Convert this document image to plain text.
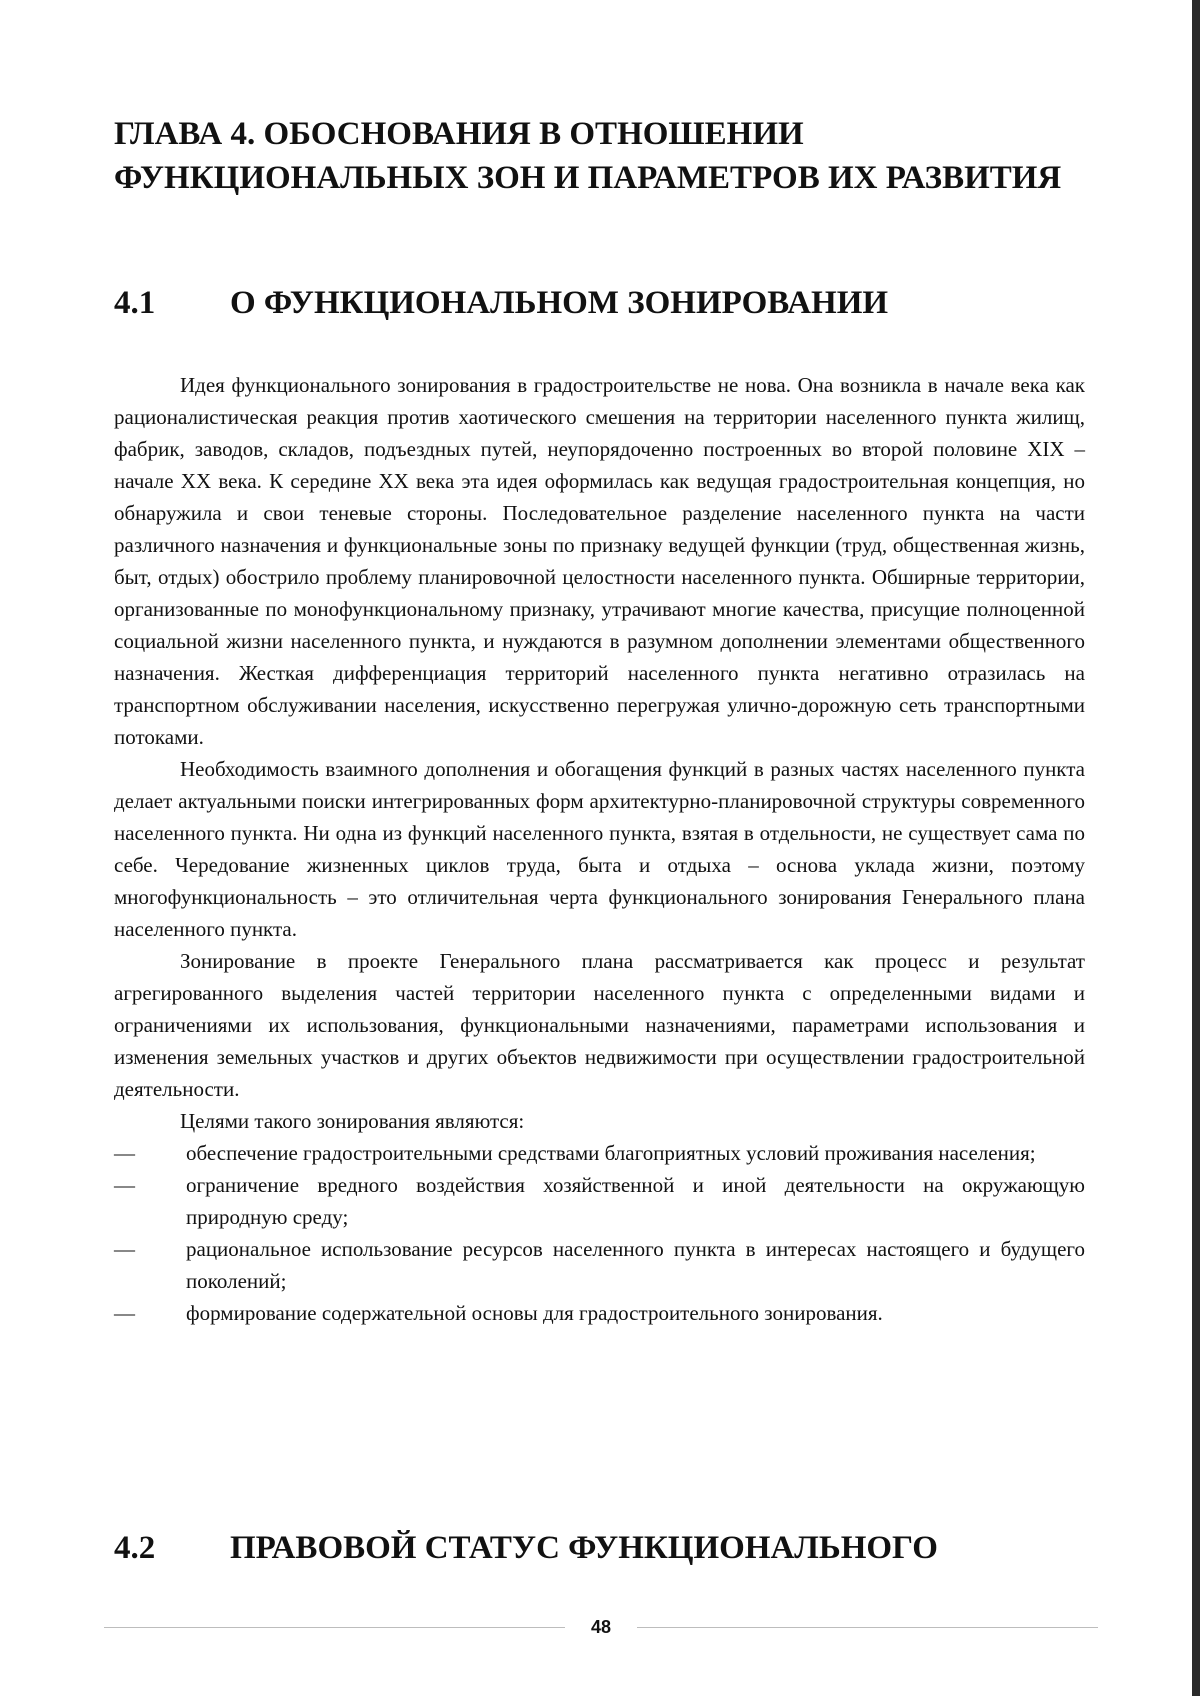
ГЛАВА 4. ОБОСНОВАНИЯ В ОТНОШЕНИИ ФУНКЦИОНАЛЬНЫХ ЗОН И ПАРАМЕТРОВ ИХ РАЗВИТИЯ
4.1	О ФУНКЦИОНАЛЬНОМ ЗОНИРОВАНИИ

Идея функционального зонирования в градостроительстве не нова. Она возникла в начале века как рационалистическая реакция против хаотического смешения на территории населенного пункта жилищ, фабрик, заводов, складов, подъездных путей, неупорядоченно построенных во второй половине XIX – начале XX века. К середине XX века эта идея оформилась как ведущая градостроительная концепция, но обнаружила и свои теневые стороны. Последовательное разделение населенного пункта на части различного назначения и функциональные зоны по признаку ведущей функции (труд, общественная жизнь, быт, отдых) обострило проблему планировочной целостности населенного пункта. Обширные территории, организованные по монофункциональному признаку, утрачивают многие качества, присущие полноценной социальной жизни населенного пункта, и нуждаются в разумном дополнении элементами общественного назначения. Жесткая дифференциация территорий населенного пункта негативно отразилась на транспортном обслуживании населения, искусственно перегружая улично-дорожную сеть транспортными потоками.

Необходимость взаимного дополнения и обогащения функций в разных частях населенного пункта делает актуальными поиски интегрированных форм архитектурно-планировочной структуры современного населенного пункта. Ни одна из функций населенного пункта, взятая в отдельности, не существует сама по себе. Чередование жизненных циклов труда, быта и отдыха – основа уклада жизни, поэтому многофункциональность – это отличительная черта функционального зонирования Генерального плана населенного пункта.

Зонирование в проекте Генерального плана рассматривается как процесс и результат агрегированного выделения частей территории населенного пункта с определенными видами и ограничениями их использования, функциональными назначениями, параметрами использования и изменения земельных участков и других объектов недвижимости при осуществлении градостроительной деятельности.

Целями такого зонирования являются:

— обеспечение градостроительными средствами благоприятных условий проживания населения;
— ограничение вредного воздействия хозяйственной и иной деятельности на окружающую природную среду;
— рациональное использование ресурсов населенного пункта в интересах настоящего и будущего поколений;
— формирование содержательной основы для градостроительного зонирования.
4.2	ПРАВОВОЙ СТАТУС ФУНКЦИОНАЛЬНОГО
48
